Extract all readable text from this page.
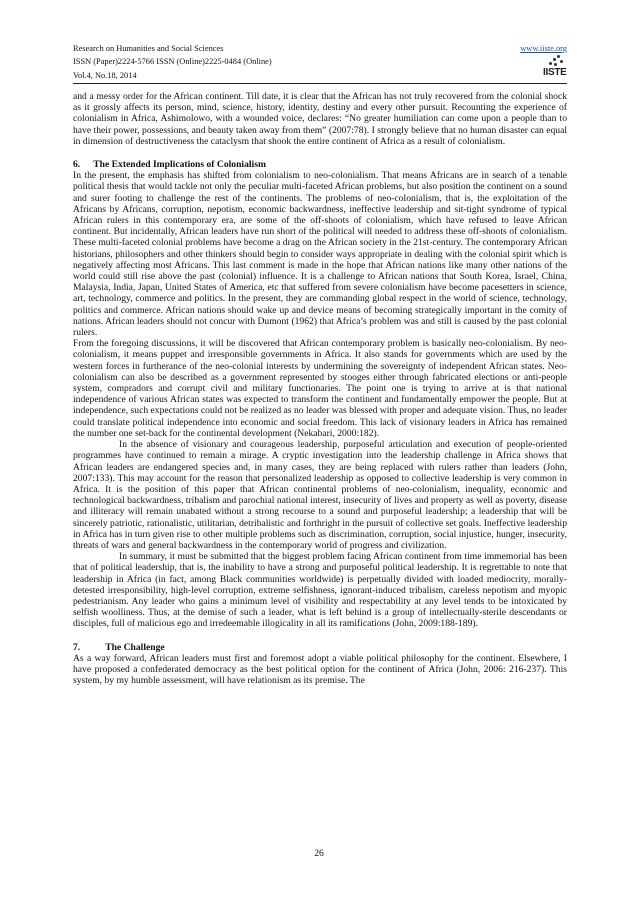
Research on Humanities and Social Sciences
ISSN (Paper)2224-5766 ISSN (Online)2225-0484 (Online)
Vol.4, No.18, 2014
www.iiste.org
IISTE

and a messy order for the African continent. Till date, it is clear that the African has not truly recovered from the colonial shock as it grossly affects its person, mind, science, history, identity, destiny and every other pursuit. Recounting the experience of colonialism in Africa, Ashimolowo, with a wounded voice, declares: “No greater humiliation can come upon a people than to have their power, possessions, and beauty taken away from them” (2007:78). I strongly believe that no human disaster can equal in dimension of destructiveness the cataclysm that shook the entire continent of Africa as a result of colonialism.

6. The Extended Implications of Colonialism

In the present, the emphasis has shifted from colonialism to neo-colonialism. That means Africans are in search of a tenable political thesis that would tackle not only the peculiar multi-faceted African problems, but also position the continent on a sound and surer footing to challenge the rest of the continents. The problems of neo-colonialism, that is, the exploitation of the Africans by Africans, corruption, nepotism, economic backwardness, ineffective leadership and sit-tight syndrome of typical African rulers in this contemporary era, are some of the off-shoots of colonialism, which have refused to leave African continent. But incidentally, African leaders have run short of the political will needed to address these off-shoots of colonialism. These multi-faceted colonial problems have become a drag on the African society in the 21st-century. The contemporary African historians, philosophers and other thinkers should begin to consider ways appropriate in dealing with the colonial spirit which is negatively affecting most Africans. This last comment is made in the hope that African nations like many other nations of the world could still rise above the past (colonial) influence. It is a challenge to African nations that South Korea, Israel, China, Malaysia, India, Japan, United States of America, etc that suffered from severe colonialism have become pacesetters in science, art, technology, commerce and politics. In the present, they are commanding global respect in the world of science, technology, politics and commerce. African nations should wake up and device means of becoming strategically important in the comity of nations. African leaders should not concur with Dumont (1962) that Africa’s problem was and still is caused by the past colonial rulers.

From the foregoing discussions, it will be discovered that African contemporary problem is basically neo-colonialism. By neo-colonialism, it means puppet and irresponsible governments in Africa. It also stands for governments which are used by the western forces in furtherance of the neo-colonial interests by undermining the sovereignty of independent African states. Neo-colonialism can also be described as a government represented by stooges either through fabricated elections or anti-people system, compradors and corrupt civil and military functionaries. The point one is trying to arrive at is that national independence of various African states was expected to transform the continent and fundamentally empower the people. But at independence, such expectations could not be realized as no leader was blessed with proper and adequate vision. Thus, no leader could translate political independence into economic and social freedom. This lack of visionary leaders in Africa has remained the number one set-back for the continental development (Nekabari, 2000:182).

In the absence of visionary and courageous leadership, purposeful articulation and execution of people-oriented programmes have continued to remain a mirage. A cryptic investigation into the leadership challenge in Africa shows that African leaders are endangered species and, in many cases, they are being replaced with rulers rather than leaders (John, 2007:133). This may account for the reason that personalized leadership as opposed to collective leadership is very common in Africa. It is the position of this paper that African continental problems of neo-colonialism, inequality, economic and technological backwardness, tribalism and parochial national interest, insecurity of lives and property as well as poverty, disease and illiteracy will remain unabated without a strong recourse to a sound and purposeful leadership; a leadership that will be sincerely patriotic, rationalistic, utilitarian, detribalistic and forthright in the pursuit of collective set goals. Ineffective leadership in Africa has in turn given rise to other multiple problems such as discrimination, corruption, social injustice, hunger, insecurity, threats of wars and general backwardness in the contemporary world of progress and civilization.

In summary, it must be submitted that the biggest problem facing African continent from time immemorial has been that of political leadership, that is, the inability to have a strong and purposeful political leadership. It is regrettable to note that leadership in Africa (in fact, among Black communities worldwide) is perpetually divided with loaded mediocrity, morally-detested irresponsibility, high-level corruption, extreme selfishness, ignorant-induced tribalism, careless nepotism and myopic pedestrianism. Any leader who gains a minimum level of visibility and respectability at any level tends to be intoxicated by selfish woolliness. Thus, at the demise of such a leader, what is left behind is a group of intellectually-sterile descendants or disciples, full of malicious ego and irredeemable illogicality in all its ramifications (John, 2009:188-189).

7.	The Challenge

As a way forward, African leaders must first and foremost adopt a viable political philosophy for the continent. Elsewhere, I have proposed a confederated democracy as the best political option for the continent of Africa (John, 2006: 216-237). This system, by my humble assessment, will have relationism as its premise. The

26
